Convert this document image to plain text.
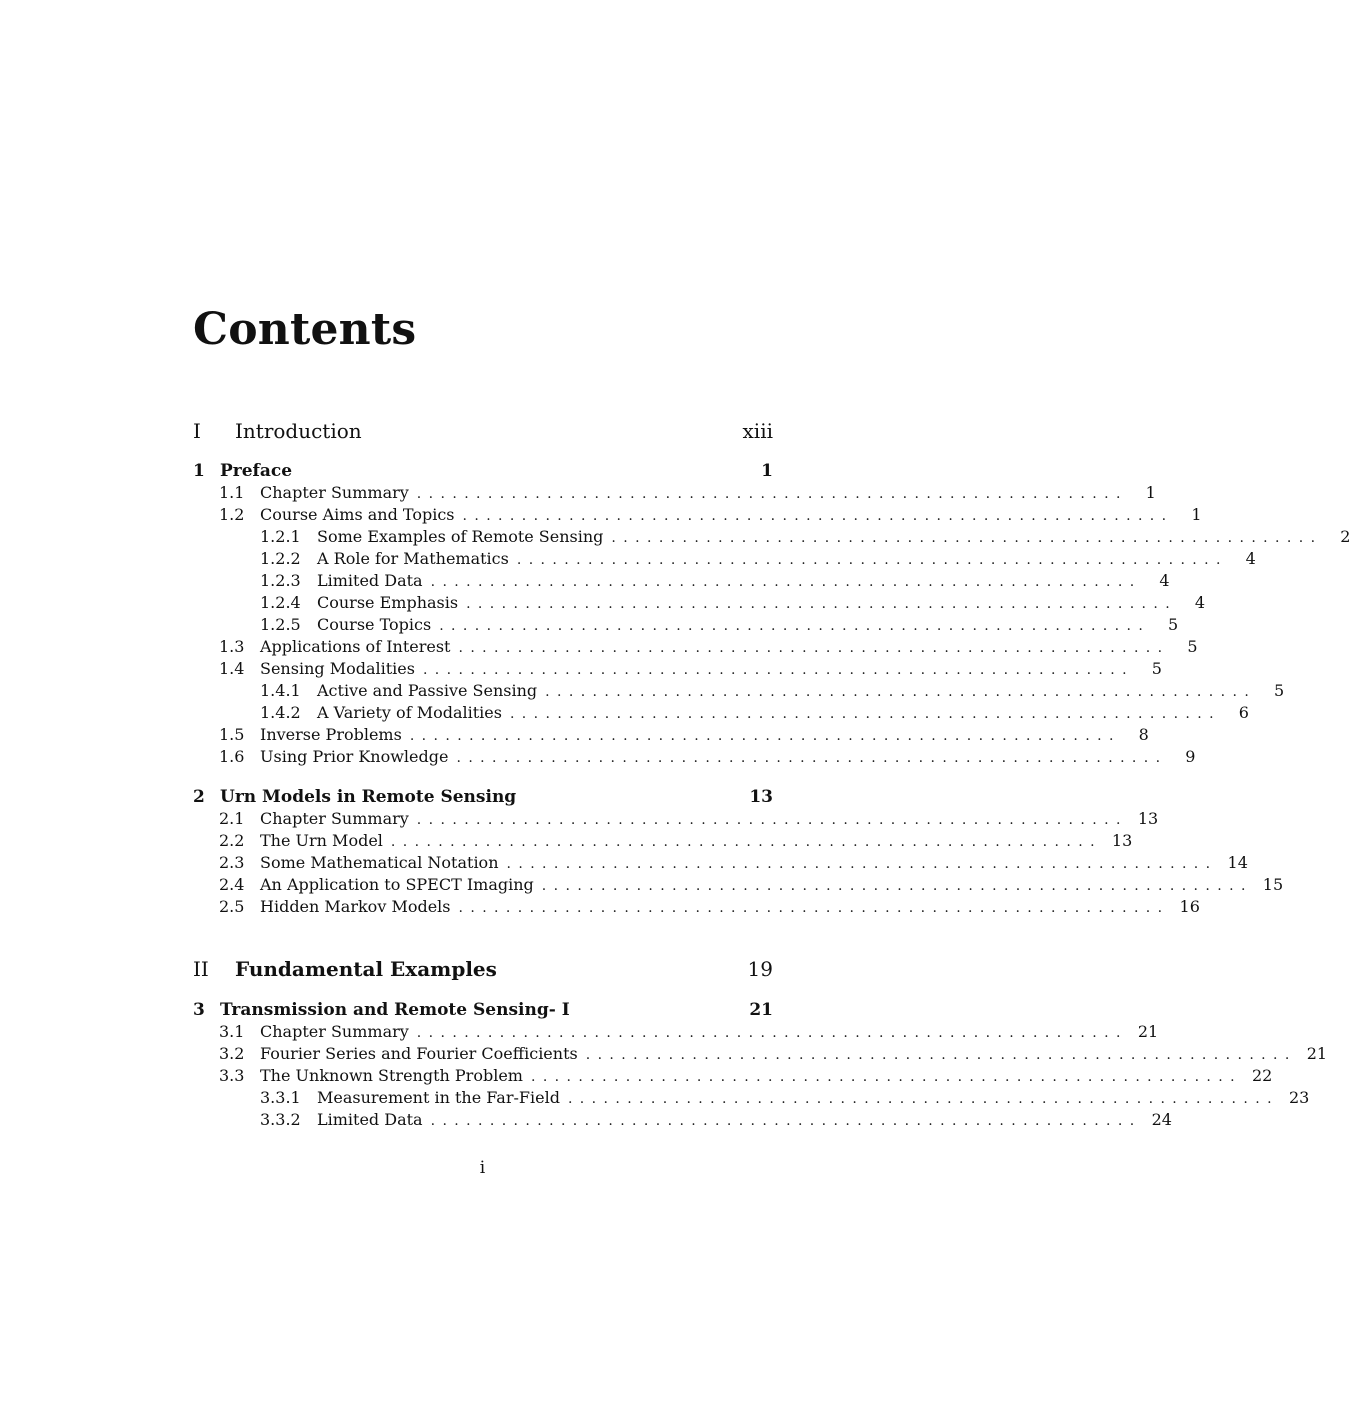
Contents
I	Introduction	xiii
1 Preface	1
1.1 Chapter Summary ............................................................	1
1.2 Course Aims and Topics ............................................................	1
1.2.1	Some Examples of Remote Sensing ............................................................	2
1.2.2	A Role for Mathematics ............................................................	4
1.2.3	Limited Data ............................................................	4
1.2.4	Course Emphasis ............................................................	4
1.2.5	Course Topics ............................................................	5
1.3 Applications of Interest ............................................................	5
1.4 Sensing Modalities ............................................................	5
1.4.1	Active and Passive Sensing ............................................................	5
1.4.2	A Variety of Modalities ............................................................	6
1.5 Inverse Problems ............................................................	8
1.6 Using Prior Knowledge ............................................................	9
2 Urn Models in Remote Sensing	13
2.1 Chapter Summary ............................................................ 13
2.2 The Urn Model ............................................................ 13
2.3 Some Mathematical Notation ............................................................ 14
2.4 An Application to SPECT Imaging ............................................................ 15
2.5 Hidden Markov Models ............................................................ 16
II	Fundamental Examples	19
3 Transmission and Remote Sensing- I	21
3.1 Chapter Summary ............................................................ 21
3.2 Fourier Series and Fourier Coefficients ............................................................ 21
3.3 The Unknown Strength Problem ............................................................ 22
3.3.1	Measurement in the Far-Field ............................................................ 23
3.3.2	Limited Data ............................................................ 24
i
